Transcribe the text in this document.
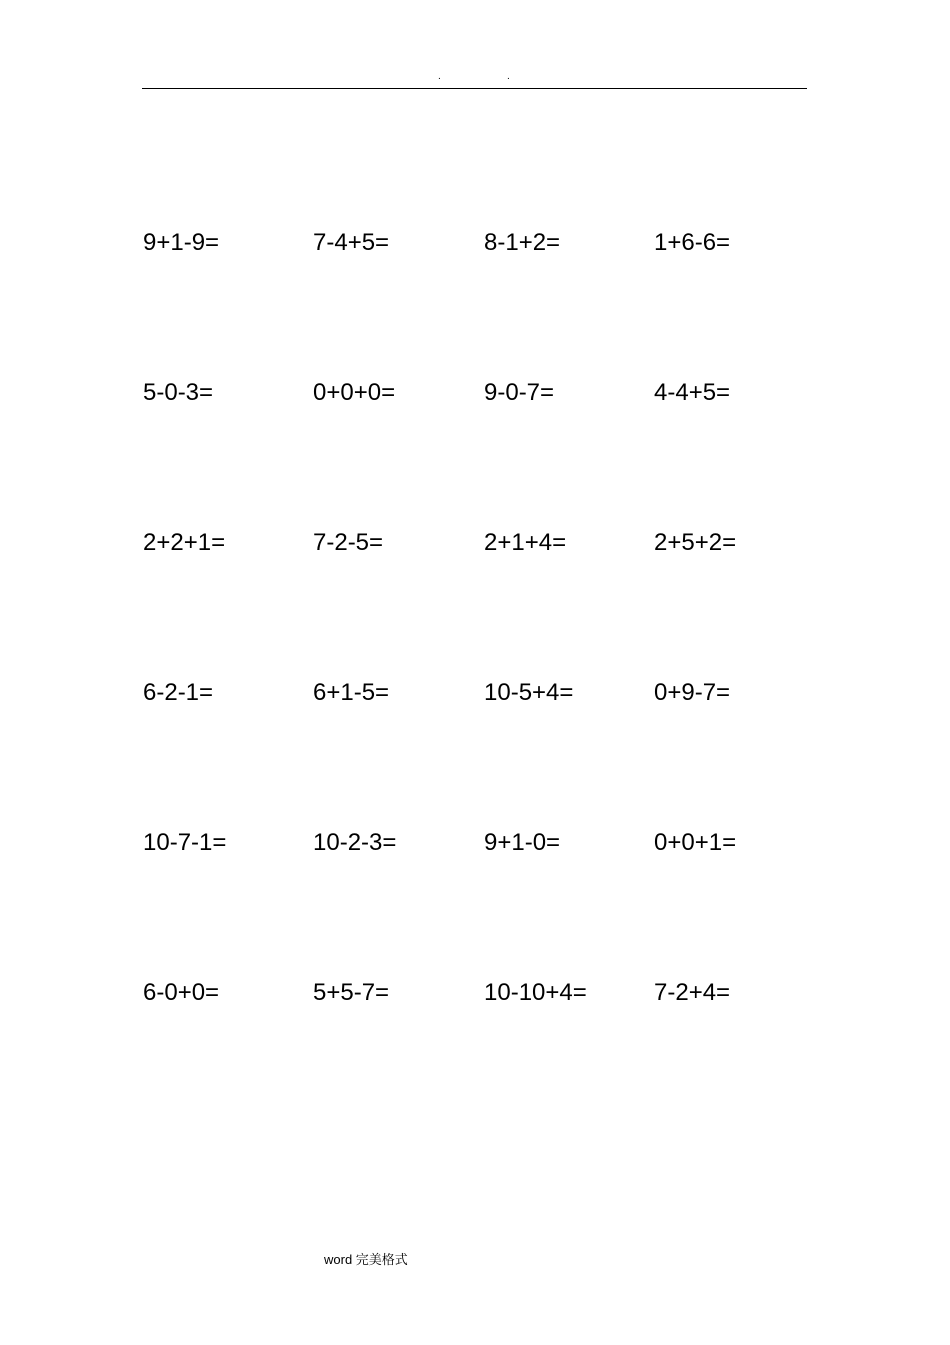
.	.
9+1-9=	7-4+5=	8-1+2=	1+6-6=
5-0-3=	0+0+0=	9-0-7=	4-4+5=
2+2+1=	7-2-5=	2+1+4=	2+5+2=
6-2-1=	6+1-5=	10-5+4=	0+9-7=
10-7-1=	10-2-3=	9+1-0=	0+0+1=
6-0+0=	5+5-7=	10-10+4=	7-2+4=
word 完美格式
